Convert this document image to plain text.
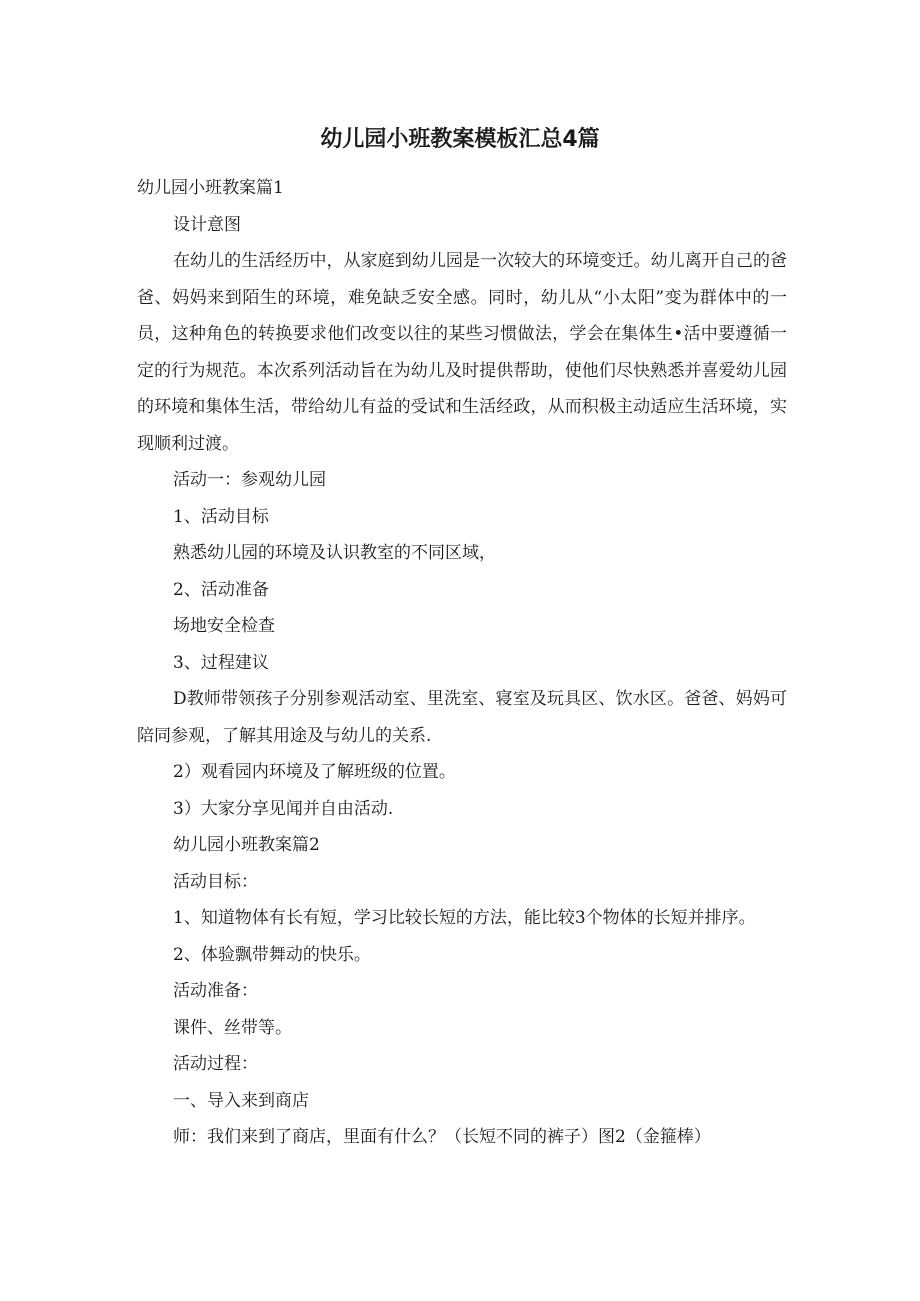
幼儿园小班教案模板汇总4篇

幼儿园小班教案篇1

设计意图

在幼儿的生活经历中，从家庭到幼儿园是一次较大的环境变迁。幼儿离开自己的爸爸、妈妈来到陌生的环境，难免缺乏安全感。同时，幼儿从“小太阳”变为群体中的一员，这种角色的转换要求他们改变以往的某些习惯做法，学会在集体生•活中要遵循一定的行为规范。本次系列活动旨在为幼儿及时提供帮助，使他们尽快熟悉并喜爱幼儿园的环境和集体生活，带给幼儿有益的受试和生活经政，从而积极主动适应生活环境，实现顺利过渡。

活动一：参观幼儿园

1、活动目标

熟悉幼儿园的环境及认识教室的不同区域，

2、活动准备

场地安全检查

3、过程建议

D教师带领孩子分别参观活动室、里洗室、寝室及玩具区、饮水区。爸爸、妈妈可陪同参观，了解其用途及与幼儿的关系.

2）观看园内环境及了解班级的位置。

3）大家分享见闻并自由活动.

幼儿园小班教案篇2

活动目标：

1、知道物体有长有短，学习比较长短的方法，能比较3个物体的长短并排序。

2、体验飘带舞动的快乐。

活动准备：

课件、丝带等。

活动过程：

一、导入来到商店

师：我们来到了商店，里面有什么？（长短不同的裤子）图2（金箍棒）
